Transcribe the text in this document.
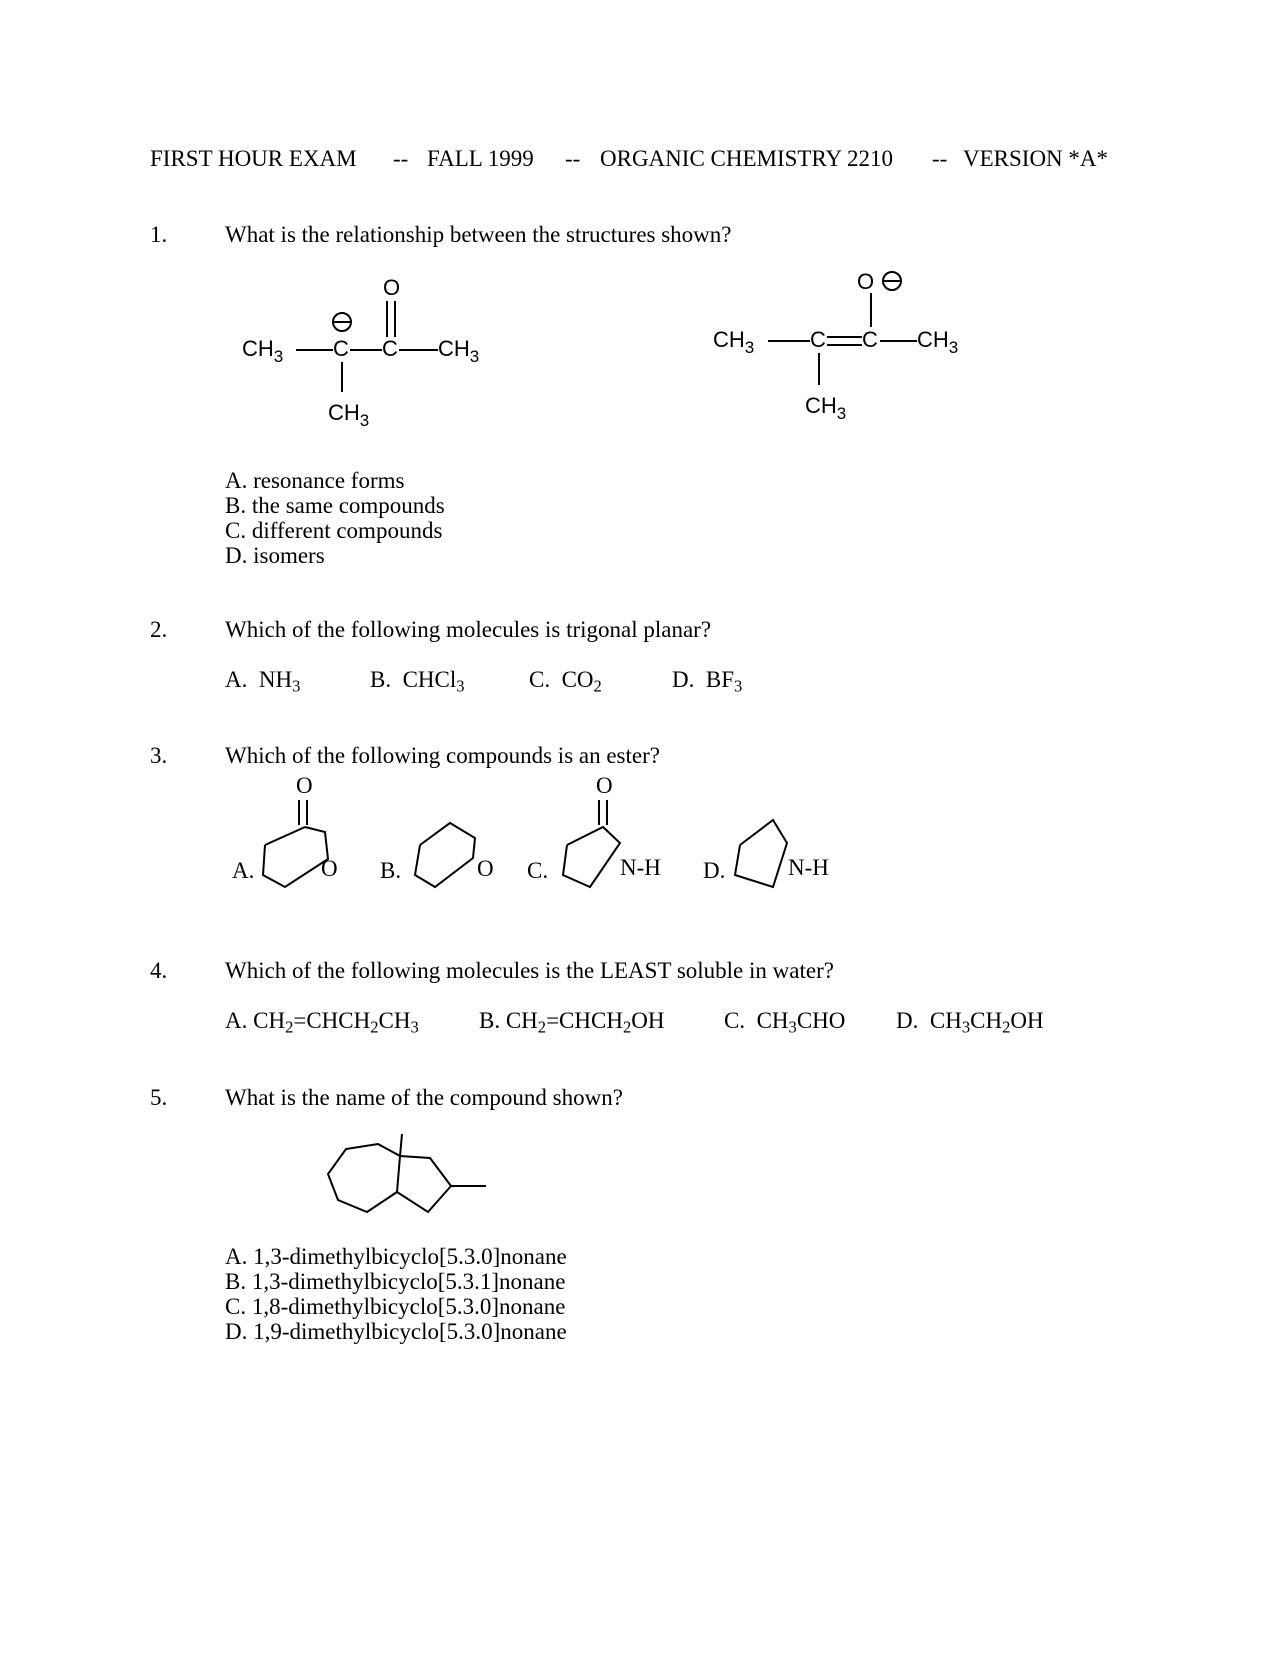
FIRST HOUR EXAM -- FALL 1999 -- ORGANIC CHEMISTRY 2210 -- VERSION *A*
1.	What is the relationship between the structures shown?
$CH_3$ C C $CH_3$
O
$CH_3$
$CH_3$	C C $CH_3$
O
$CH_3$
A. resonance forms
B. the same compounds
C. different compounds
D. isomers
2.	Which of the following molecules is trigonal planar?
A.  $NH_3$	B.  CHCl$_3$	C.  $CO_2$	D.  $BF_3$
3.	Which of the following compounds is an ester?
A.
O
O B.	O C.
O
N-H D.	N-H
4.	Which of the following molecules is the LEAST soluble in water?
A. $CH_2=CHCH_2CH_3$	B. $CH_2=CHCH_2OH$	C.  $CH_3CHO$ D.  $CH_3CH_2OH$
5.	What is the name of the compound shown?
A. 1,3-dimethylbicyclo[5.3.0]nonane
B. 1,3-dimethylbicyclo[5.3.1]nonane
C. 1,8-dimethylbicyclo[5.3.0]nonane
D. 1,9-dimethylbicyclo[5.3.0]nonane
